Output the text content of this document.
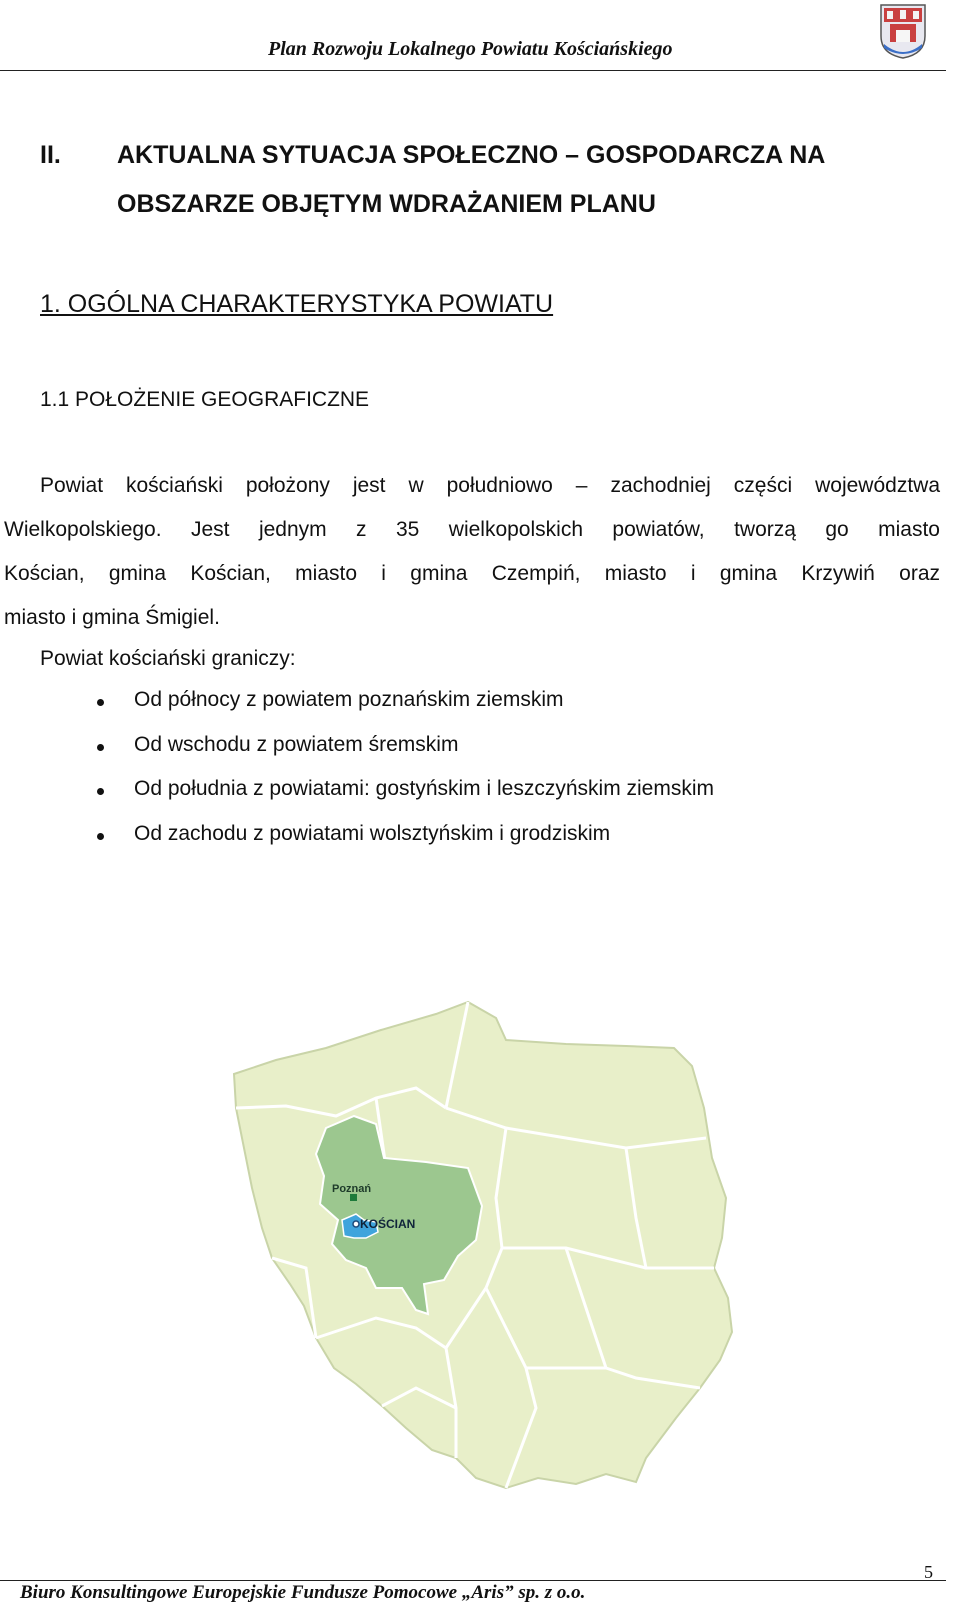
Plan Rozwoju Lokalnego Powiatu Kościańskiego
II. AKTUALNA SYTUACJA SPOŁECZNO – GOSPODARCZA NA
OBSZARZE OBJĘTYM WDRAŻANIEM PLANU
1. OGÓLNA CHARAKTERYSTYKA POWIATU
1.1 POŁOŻENIE GEOGRAFICZNE
Powiat kościański położony jest w południowo – zachodniej części województwa
Wielkopolskiego. Jest jednym z 35 wielkopolskich powiatów, tworzą go miasto
Kościan, gmina Kościan, miasto i gmina Czempiń, miasto i gmina Krzywiń oraz
miasto i gmina Śmigiel.
Powiat kościański graniczy:
Od północy z powiatem poznańskim ziemskim
Od wschodu z powiatem śremskim
Od południa z powiatami: gostyńskim i leszczyńskim ziemskim
Od zachodu z powiatami wolsztyńskim i grodziskim
Poznań
KOŚCIAN
5
Biuro Konsultingowe Europejskie Fundusze Pomocowe „Aris” sp. z o.o.
